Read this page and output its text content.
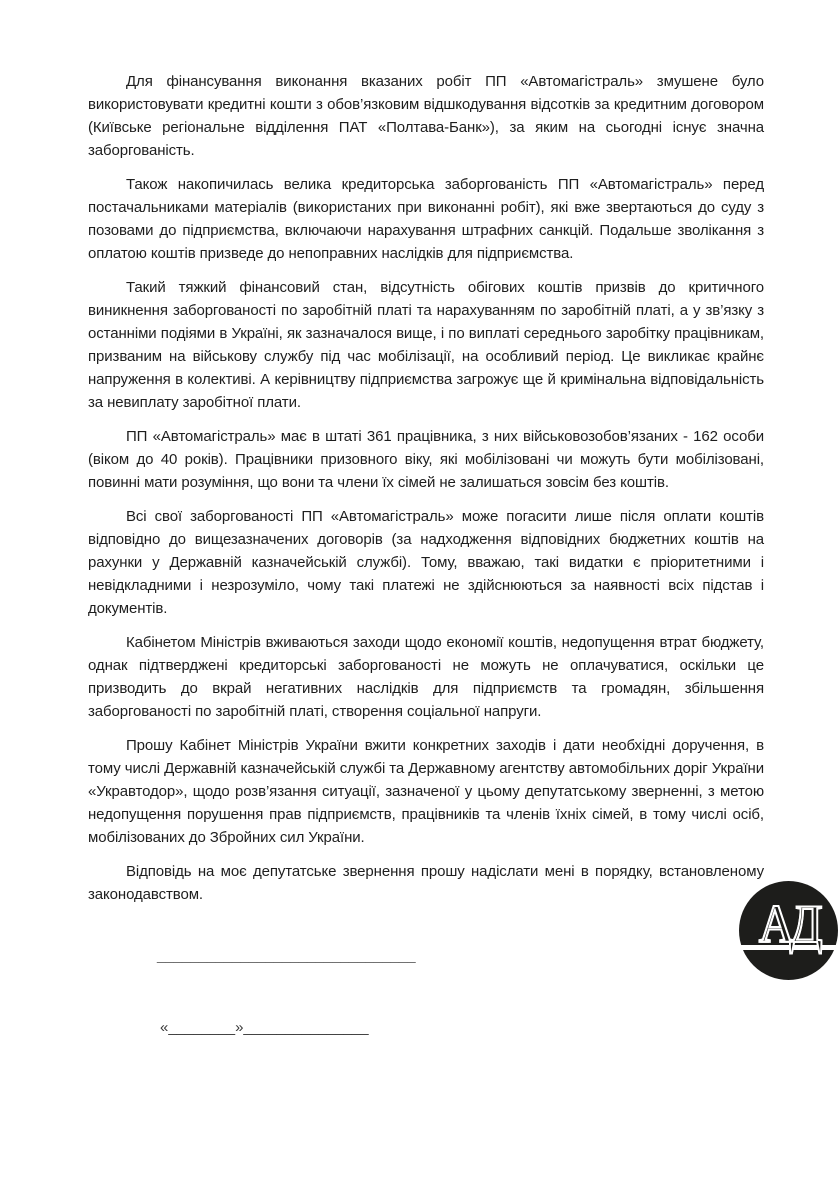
Для фінансування виконання вказаних робіт ПП «Автомагістраль» змушене було використовувати кредитні кошти з обов’язковим відшкодування відсотків за кредитним договором (Київське регіональне відділення ПАТ «Полтава-Банк»), за яким на сьогодні існує значна заборгованість.

Також накопичилась велика кредиторська заборгованість ПП «Автомагістраль» перед постачальниками матеріалів (використаних при виконанні робіт), які вже звертаються до суду з позовами до підприємства, включаючи нарахування штрафних санкцій. Подальше зволікання з оплатою коштів призведе до непоправних наслідків для підприємства.

Такий тяжкий фінансовий стан, відсутність обігових коштів призвів до критичного виникнення заборгованості по заробітній платі та нарахуванням по заробітній платі, а у зв’язку з останніми подіями в Україні, як зазначалося вище, і по виплаті середнього заробітку працівникам, призваним на військову службу під час мобілізації, на особливий період. Це викликає крайнє напруження в колективі. А керівництву підприємства загрожує ще й кримінальна відповідальність за невиплату заробітної плати.

ПП «Автомагістраль» має в штаті 361 працівника, з них військовозобов’язаних - 162 особи (віком до 40 років). Працівники призовного віку, які мобілізовані чи можуть бути мобілізовані, повинні мати розуміння, що вони та члени їх сімей не залишаться зовсім без коштів.

Всі свої заборгованості ПП «Автомагістраль» може погасити лише після оплати коштів відповідно до вищезазначених договорів (за надходження відповідних бюджетних коштів на рахунки у Державній казначейській службі). Тому, вважаю, такі видатки є пріоритетними і невідкладними і незрозуміло, чому такі платежі не здійснюються за наявності всіх підстав і документів.

Кабінетом Міністрів вживаються заходи щодо економії коштів, недопущення втрат бюджету, однак підтверджені кредиторські заборгованості не можуть не оплачуватися, оскільки це призводить до вкрай негативних наслідків для підприємств та громадян, збільшення заборгованості по заробітній платі, створення соціальної напруги.

Прошу Кабінет Міністрів України вжити конкретних заходів і дати необхідні доручення, в тому числі Державній казначейській службі та Державному агентству автомобільних доріг України «Укравтодор», щодо розв’язання ситуації, зазначеної у цьому депутатському зверненні, з метою недопущення порушення прав підприємств, працівників та членів їхніх сімей, в тому числі осіб, мобілізованих до Збройних сил України.

Відповідь на моє депутатське звернення прошу надіслати мені в порядку, встановленому законодавством.

_______________________________
«________»_______________
АД
